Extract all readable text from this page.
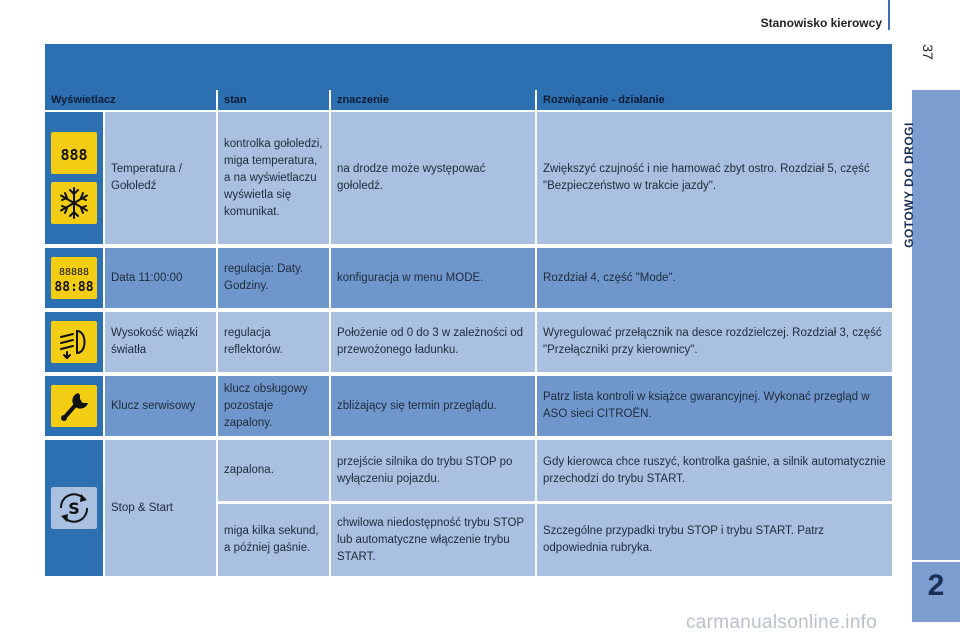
Stanowisko kierowcy
37
GOTOWY DO DROGI
2
Wyświetlacz		stan	znaczenie	Rozwiązanie - działanie

888	Temperatura / Gołoledź	kontrolka gołoledzi, miga temperatura, a na wyświetlaczu wyświetla się komunikat.	na drodze może występować gołoledź.	Zwiększyć czujność i nie hamować zbyt ostro. Rozdział 5, część "Bezpieczeństwo w trakcie jazdy".

88888
88:88	Data 11:00:00	regulacja: Daty. Godziny.	konfiguracja w menu MODE.	Rozdział 4, część "Mode".

	Wysokość wiązki światła	regulacja reflektorów.	Położenie od 0 do 3 w zależności od przewożonego ładunku.	Wyregulować przełącznik na desce rozdzielczej. Rozdział 3, część "Przełączniki przy kierownicy".

	Klucz serwisowy	klucz obsługowy pozostaje zapalony.	zbliżający się termin przeglądu.	Patrz lista kontroli w książce gwarancyjnej. Wykonać przegląd w ASO sieci CITROËN.

S	Stop & Start	zapalona.	przejście silnika do trybu STOP po wyłączeniu pojazdu.	Gdy kierowca chce ruszyć, kontrolka gaśnie, a silnik automatycznie przechodzi do trybu START.
		miga kilka sekund, a później gaśnie.	chwilowa niedostępność trybu STOP lub automatyczne włączenie trybu START.	Szczególne przypadki trybu STOP i trybu START. Patrz odpowiednia rubryka.
carmanualsonline.info
